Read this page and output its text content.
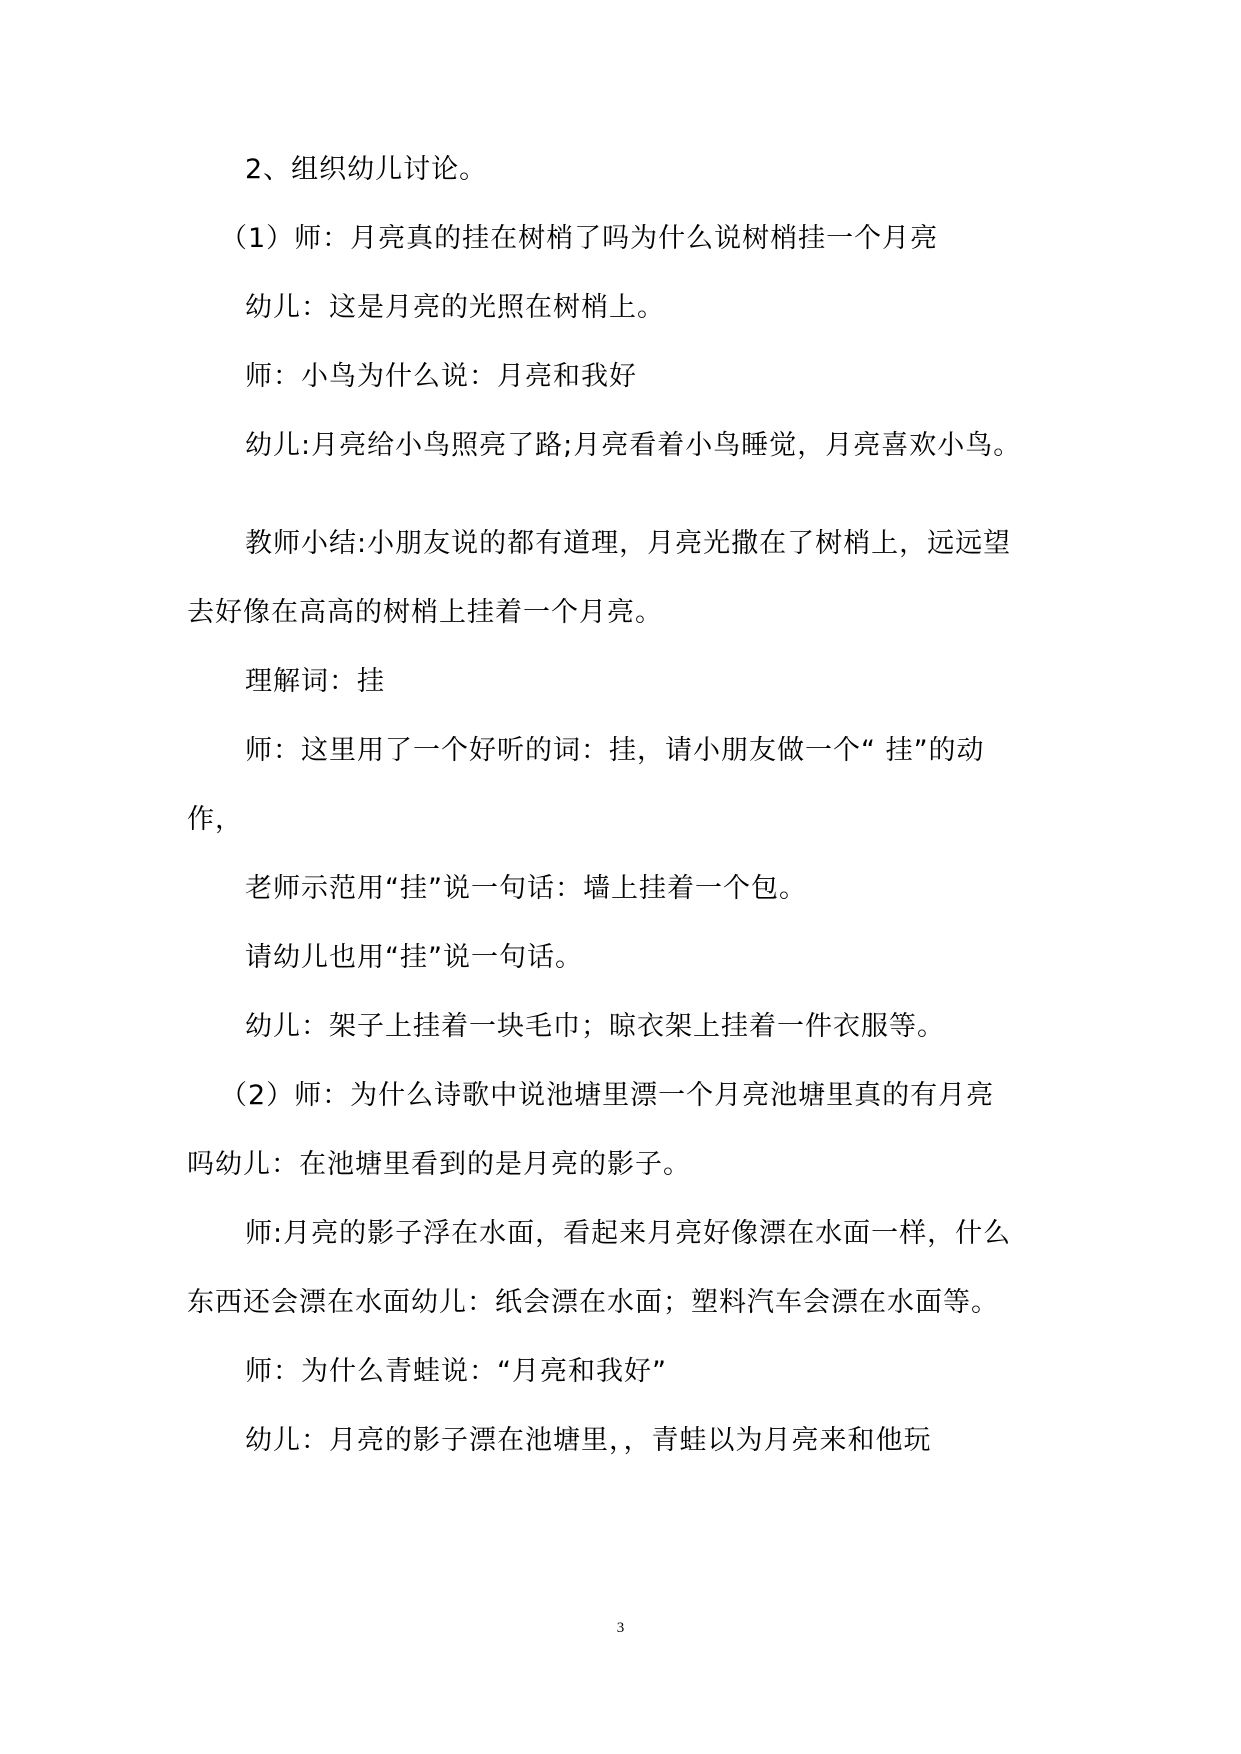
2、组织幼儿讨论。
（1）师：月亮真的挂在树梢了吗为什么说树梢挂一个月亮
幼儿：这是月亮的光照在树梢上。
师：小鸟为什么说：月亮和我好
幼儿:月亮给小鸟照亮了路;月亮看着小鸟睡觉，月亮喜欢小鸟。
教师小结:小朋友说的都有道理，月亮光撒在了树梢上，远远望
去好像在高高的树梢上挂着一个月亮。
理解词：挂
师：这里用了一个好听的词：挂，请小朋友做一个“ 挂”的动
作，
老师示范用“挂”说一句话：墙上挂着一个包。
请幼儿也用“挂”说一句话。
幼儿：架子上挂着一块毛巾；晾衣架上挂着一件衣服等。
（2）师：为什么诗歌中说池塘里漂一个月亮池塘里真的有月亮
吗幼儿：在池塘里看到的是月亮的影子。
师:月亮的影子浮在水面，看起来月亮好像漂在水面一样，什么
东西还会漂在水面幼儿：纸会漂在水面；塑料汽车会漂在水面等。
师：为什么青蛙说：“月亮和我好”
幼儿：月亮的影子漂在池塘里，，青蛙以为月亮来和他玩
3
